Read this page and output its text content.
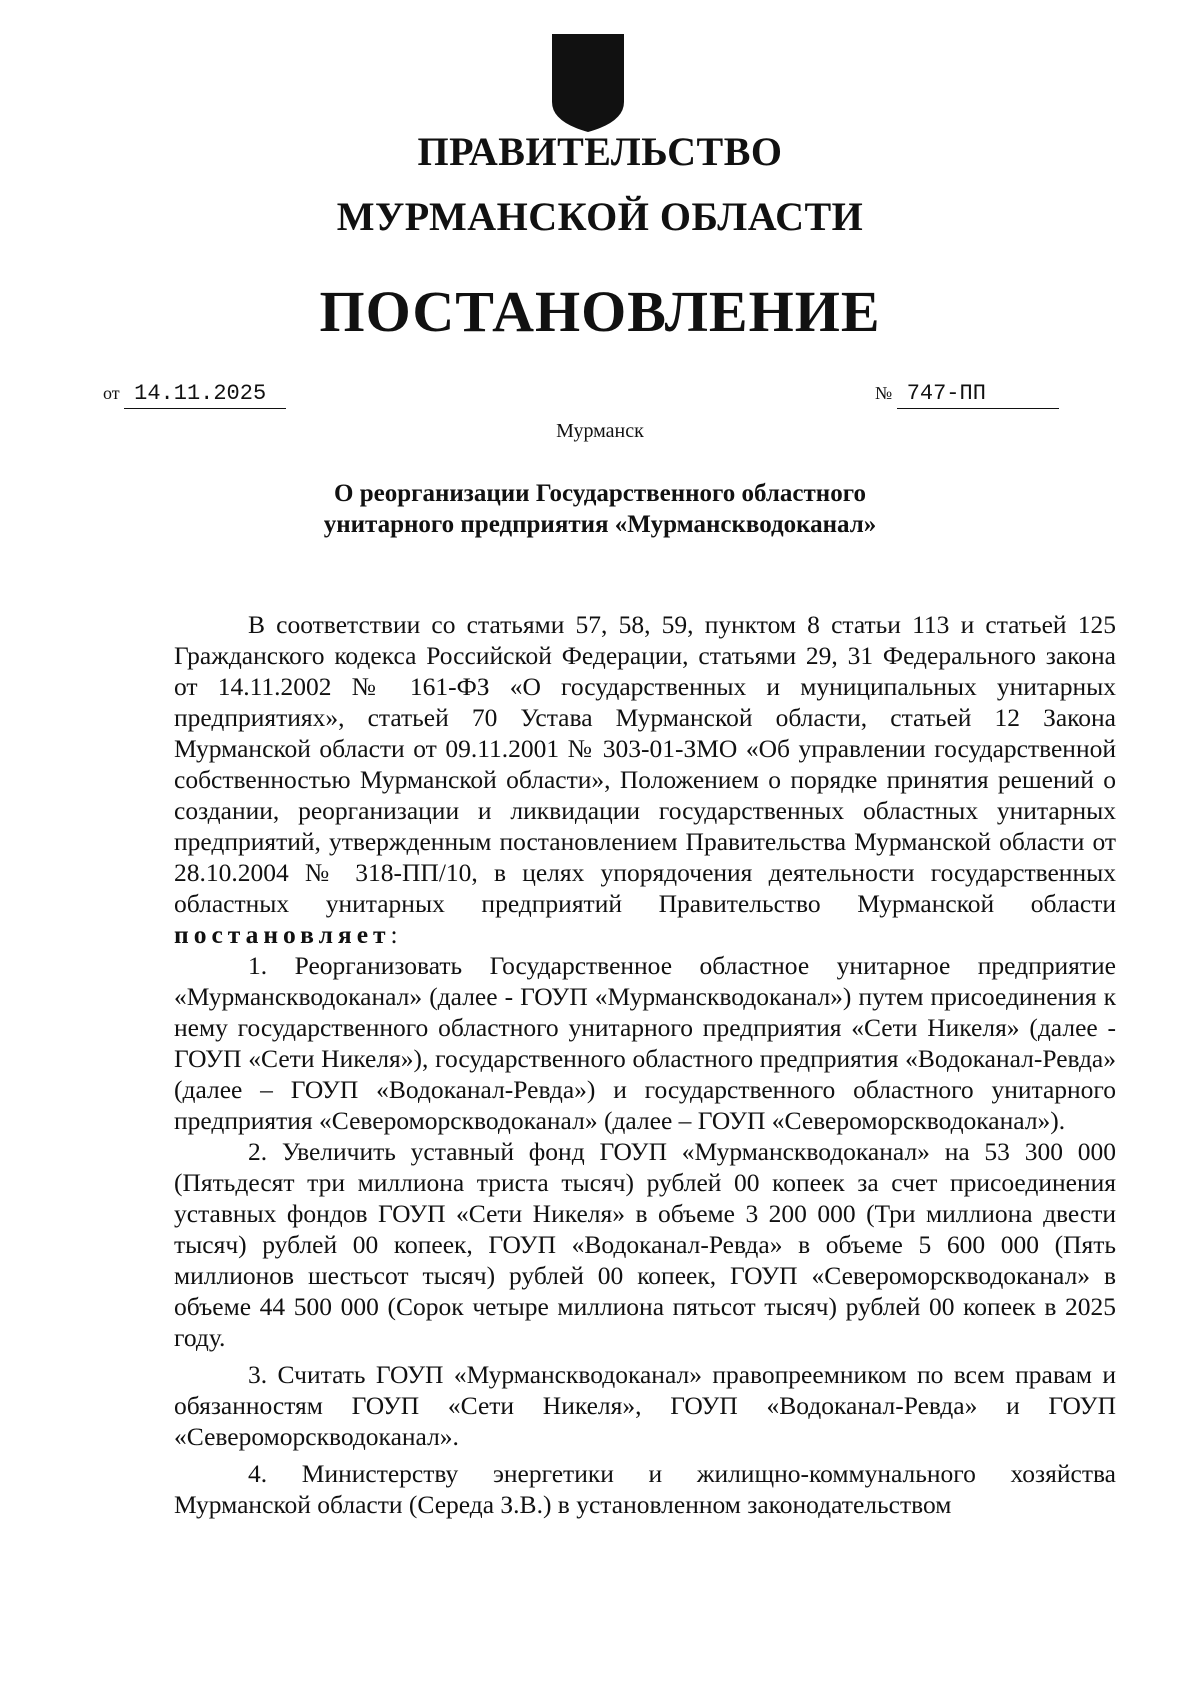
ПРАВИТЕЛЬСТВО
МУРМАНСКОЙ ОБЛАСТИ
ПОСТАНОВЛЕНИЕ
от 14.11.2025	№ 747-ПП
Мурманск
О реорганизации Государственного областного
унитарного предприятия «Мурманскводоканал»

В соответствии со статьями 57, 58, 59, пунктом 8 статьи 113 и статьей 125 Гражданского кодекса Российской Федерации, статьями 29, 31 Федерального закона от 14.11.2002 № 161-ФЗ «О государственных и муниципальных унитарных предприятиях», статьей 70 Устава Мурманской области, статьей 12 Закона Мурманской области от 09.11.2001 № 303-01-ЗМО «Об управлении государственной собственностью Мурманской области», Положением о порядке принятия решений о создании, реорганизации и ликвидации государственных областных унитарных предприятий, утвержденным постановлением Правительства Мурманской области от 28.10.2004 № 318-ПП/10, в целях упорядочения деятельности государственных областных унитарных предприятий Правительство Мурманской области постановляет:

1. Реорганизовать Государственное областное унитарное предприятие «Мурманскводоканал» (далее - ГОУП «Мурманскводоканал») путем присоединения к нему государственного областного унитарного предприятия «Сети Никеля» (далее - ГОУП «Сети Никеля»), государственного областного предприятия «Водоканал-Ревда» (далее – ГОУП «Водоканал-Ревда») и государственного областного унитарного предприятия «Североморскводоканал» (далее – ГОУП «Североморскводоканал»).

2. Увеличить уставный фонд ГОУП «Мурманскводоканал» на 53 300 000 (Пятьдесят три миллиона триста тысяч) рублей 00 копеек за счет присоединения уставных фондов ГОУП «Сети Никеля» в объеме 3 200 000 (Три миллиона двести тысяч) рублей 00 копеек, ГОУП «Водоканал-Ревда» в объеме 5 600 000 (Пять миллионов шестьсот тысяч) рублей 00 копеек, ГОУП «Североморскводоканал» в объеме 44 500 000 (Сорок четыре миллиона пятьсот тысяч) рублей 00 копеек в 2025 году.

3. Считать ГОУП «Мурманскводоканал» правопреемником по всем правам и обязанностям ГОУП «Сети Никеля», ГОУП «Водоканал-Ревда» и ГОУП «Североморскводоканал».

4. Министерству энергетики и жилищно-коммунального хозяйства Мурманской области (Середа З.В.) в установленном законодательством
